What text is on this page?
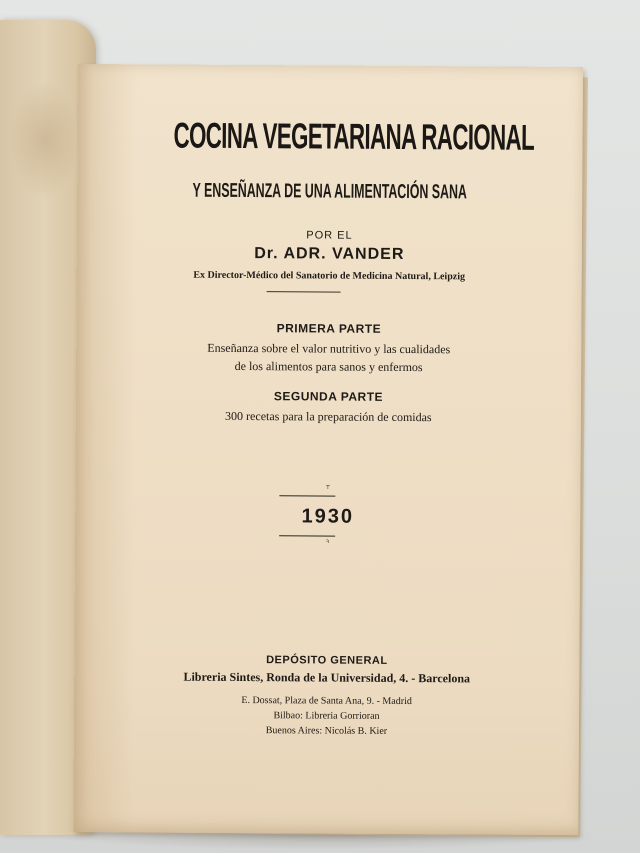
COCINA VEGETARIANA RACIONAL
Y ENSEÑANZA DE UNA ALIMENTACIÓN SANA
POR EL
Dr. ADR. VANDER
Ex Director-Médico del Sanatorio de Medicina Natural, Leipzig
PRIMERA PARTE
Enseñanza sobre el valor nutritivo y las cualidades
de los alimentos para sanos y enfermos
SEGUNDA PARTE
300 recetas para la preparación de comidas
⸆
1930
⸅
DEPÓSITO GENERAL
Libreria Sintes, Ronda de la Universidad, 4. - Barcelona
E. Dossat, Plaza de Santa Ana, 9. - Madrid
Bilbao: Libreria Gorrioran
Buenos Aires: Nicolás B. Kier
